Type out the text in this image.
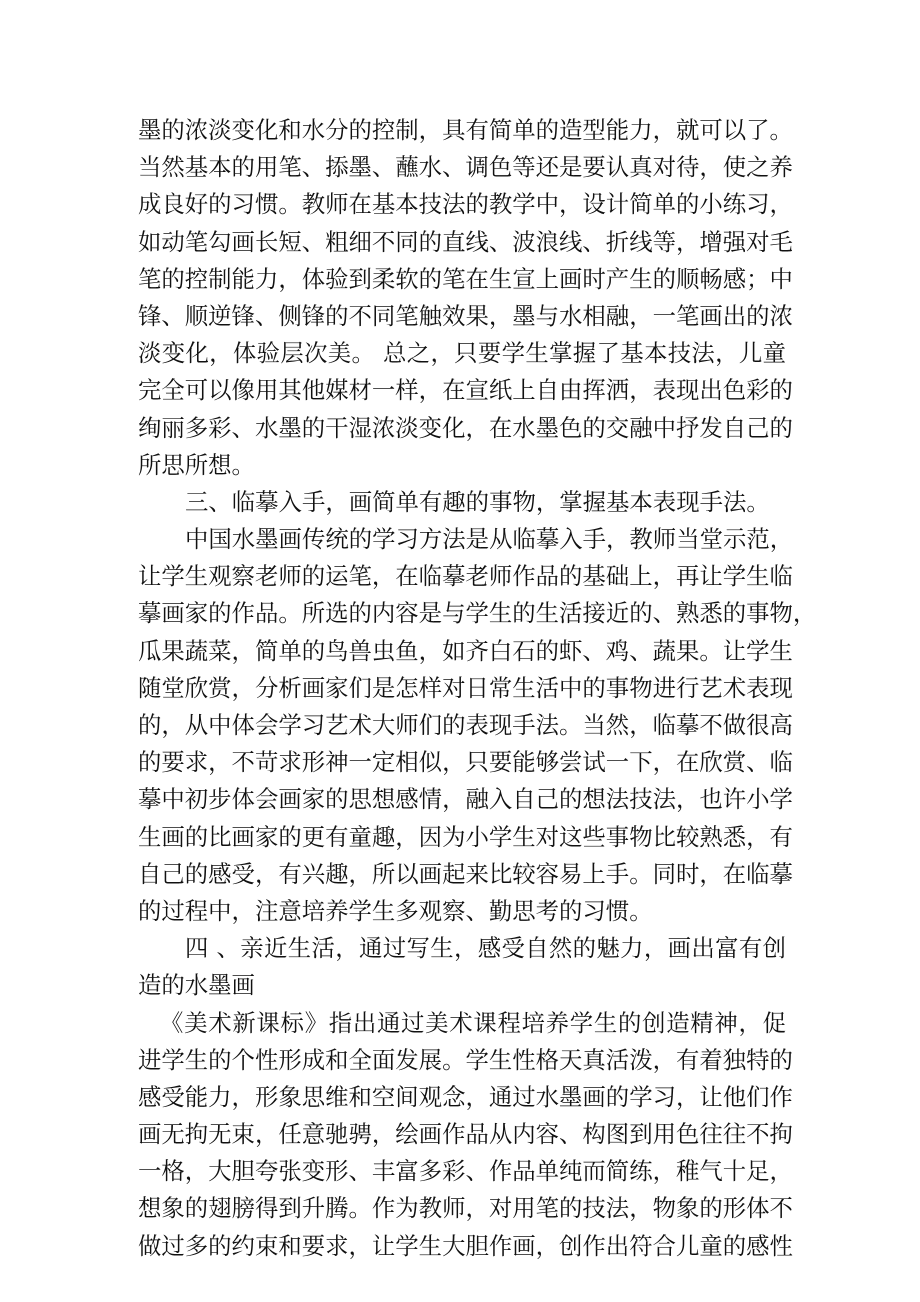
墨的浓淡变化和水分的控制，具有简单的造型能力，就可以了。
当然基本的用笔、掭墨、蘸水、调色等还是要认真对待，使之养
成良好的习惯。教师在基本技法的教学中，设计简单的小练习，
如动笔勾画长短、粗细不同的直线、波浪线、折线等，增强对毛
笔的控制能力，体验到柔软的笔在生宣上画时产生的顺畅感；中
锋、顺逆锋、侧锋的不同笔触效果，墨与水相融，一笔画出的浓
淡变化，体验层次美。 总之，只要学生掌握了基本技法，儿童
完全可以像用其他媒材一样，在宣纸上自由挥洒，表现出色彩的
绚丽多彩、水墨的干湿浓淡变化，在水墨色的交融中抒发自己的
所思所想。
三、临摹入手，画简单有趣的事物，掌握基本表现手法。
中国水墨画传统的学习方法是从临摹入手，教师当堂示范，
让学生观察老师的运笔，在临摹老师作品的基础上，再让学生临
摹画家的作品。所选的内容是与学生的生活接近的、熟悉的事物，
瓜果蔬菜，简单的鸟兽虫鱼，如齐白石的虾、鸡、蔬果。让学生
随堂欣赏，分析画家们是怎样对日常生活中的事物进行艺术表现
的，从中体会学习艺术大师们的表现手法。当然，临摹不做很高
的要求，不苛求形神一定相似，只要能够尝试一下，在欣赏、临
摹中初步体会画家的思想感情，融入自己的想法技法，也许小学
生画的比画家的更有童趣，因为小学生对这些事物比较熟悉，有
自己的感受，有兴趣，所以画起来比较容易上手。同时，在临摹
的过程中，注意培养学生多观察、勤思考的习惯。
四 、亲近生活，通过写生，感受自然的魅力，画出富有创
造的水墨画
《美术新课标》指出通过美术课程培养学生的创造精神，促
进学生的个性形成和全面发展。学生性格天真活泼，有着独特的
感受能力，形象思维和空间观念，通过水墨画的学习，让他们作
画无拘无束，任意驰骋，绘画作品从内容、构图到用色往往不拘
一格，大胆夸张变形、丰富多彩、作品单纯而简练，稚气十足，
想象的翅膀得到升腾。作为教师，对用笔的技法，物象的形体不
做过多的约束和要求，让学生大胆作画，创作出符合儿童的感性
